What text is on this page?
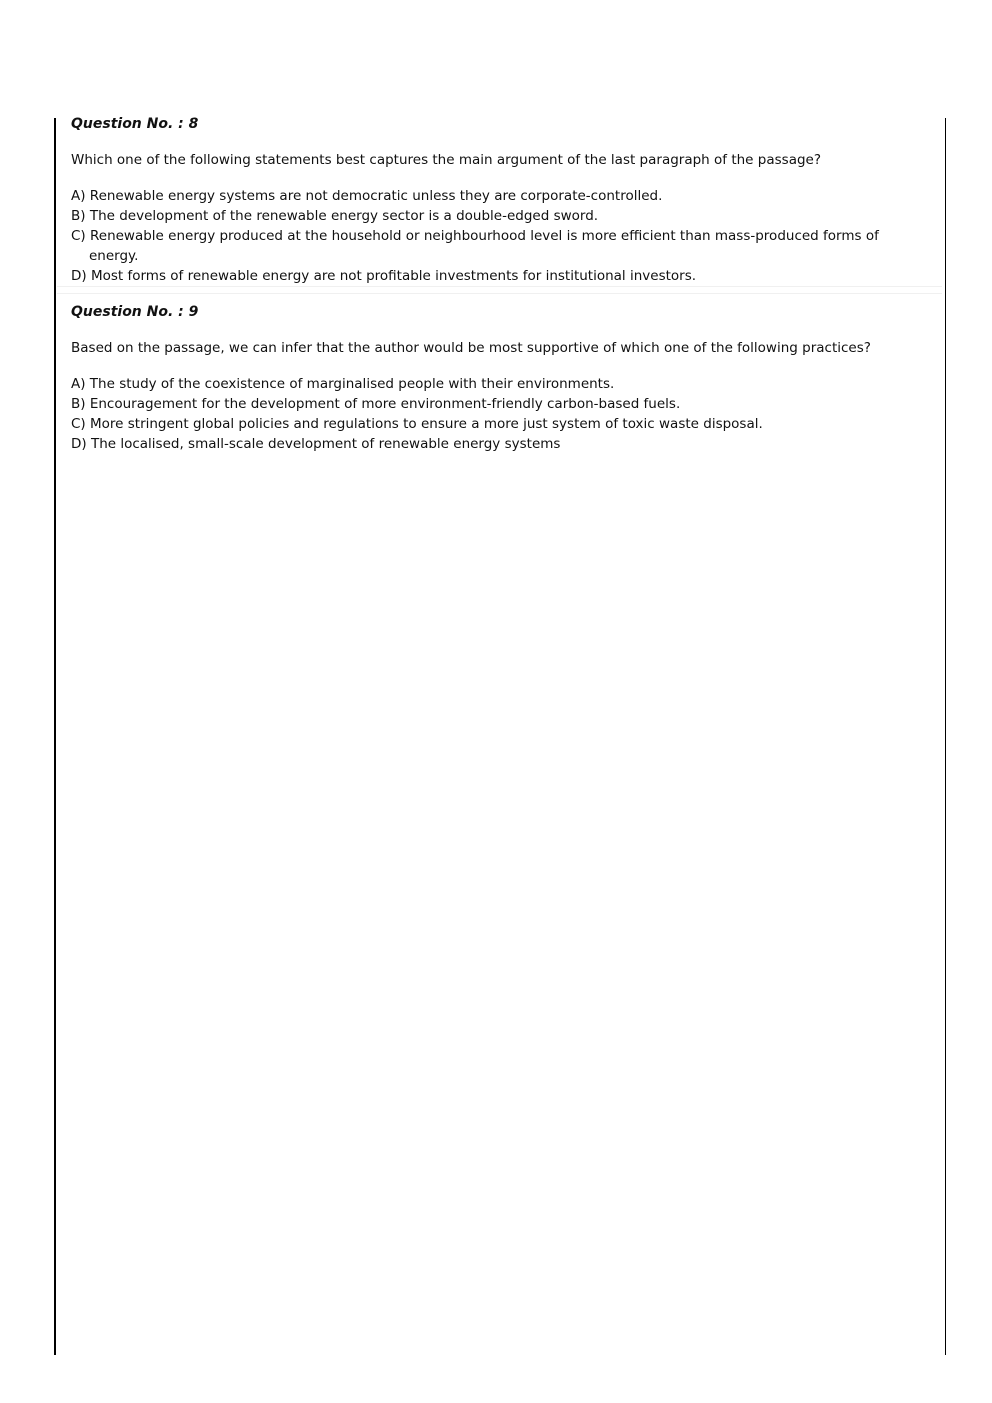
Question No. : 8

Which one of the following statements best captures the main argument of the last paragraph of the passage?
A) Renewable energy systems are not democratic unless they are corporate-controlled.
B) The development of the renewable energy sector is a double-edged sword.
C) Renewable energy produced at the household or neighbourhood level is more efficient than mass-produced forms of energy.
D) Most forms of renewable energy are not profitable investments for institutional investors.

Question No. : 9

Based on the passage, we can infer that the author would be most supportive of which one of the following practices?
A) The study of the coexistence of marginalised people with their environments.
B) Encouragement for the development of more environment-friendly carbon-based fuels.
C) More stringent global policies and regulations to ensure a more just system of toxic waste disposal.
D) The localised, small-scale development of renewable energy systems
